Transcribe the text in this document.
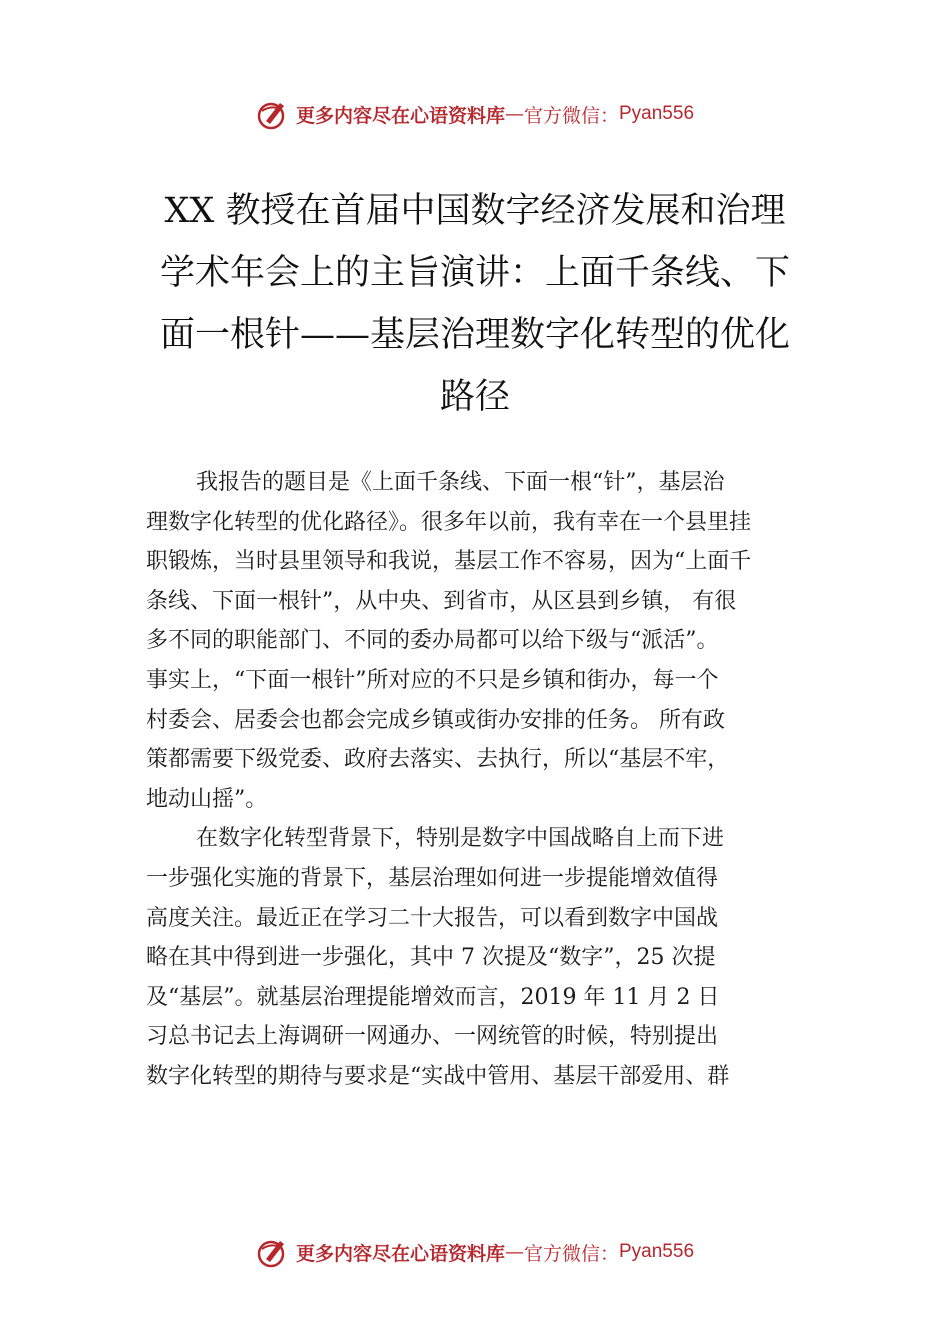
更多内容尽在心语资料库 — 官方微信： Pyan556
XX 教授在首届中国数字经济发展和治理
学术年会上的主旨演讲：上面千条线、下
面一根针——基层治理数字化转型的优化
路径
我报告的题目是《上面千条线、下面一根“针”，基层治
理数字化转型的优化路径》。很多年以前，我有幸在一个县里挂
职锻炼，当时县里领导和我说，基层工作不容易，因为“上面千
条线、下面一根针”，从中央、到省市，从区县到乡镇， 有很
多不同的职能部门、不同的委办局都可以给下级与“派活”。
事实上，“下面一根针”所对应的不只是乡镇和街办，每一个
村委会、居委会也都会完成乡镇或街办安排的任务。 所有政
策都需要下级党委、政府去落实、去执行，所以“基层不牢，
地动山摇”。
在数字化转型背景下，特别是数字中国战略自上而下进
一步强化实施的背景下，基层治理如何进一步提能增效值得
高度关注。最近正在学习二十大报告，可以看到数字中国战
略在其中得到进一步强化，其中 7 次提及“数字”，25 次提
及“基层”。就基层治理提能增效而言，2019 年 11 月 2 日
习总书记去上海调研一网通办、一网统管的时候，特别提出
数字化转型的期待与要求是“实战中管用、基层干部爱用、群
更多内容尽在心语资料库 — 官方微信： Pyan556
